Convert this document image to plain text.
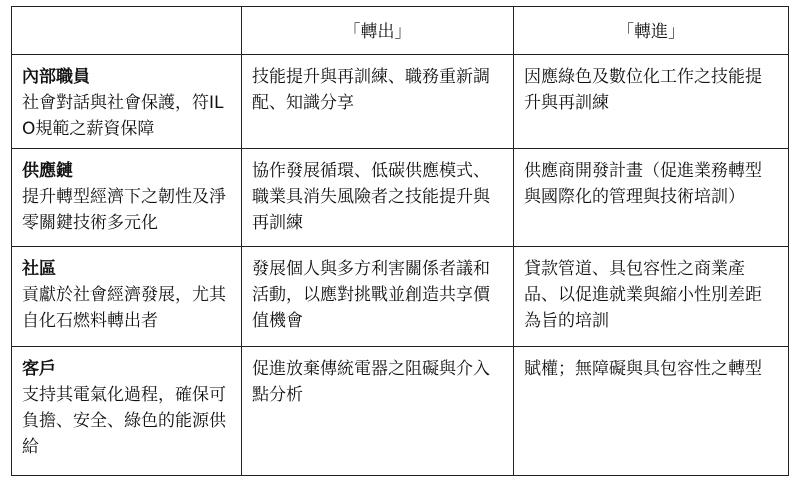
	「轉出」	「轉進」

內部職員
社會對話與社會保護，符ILO規範之薪資保障	技能提升與再訓練、職務重新調配、知識分享	因應綠色及數位化工作之技能提升與再訓練

供應鏈
提升轉型經濟下之韌性及淨零關鍵技術多元化	協作發展循環、低碳供應模式、職業具消失風險者之技能提升與再訓練	供應商開發計畫（促進業務轉型與國際化的管理與技術培訓）

社區
貢獻於社會經濟發展，尤其自化石燃料轉出者	發展個人與多方利害關係者議和活動，以應對挑戰並創造共享價值機會	貸款管道、具包容性之商業產品、以促進就業與縮小性別差距為旨的培訓

客戶
支持其電氣化過程，確保可負擔、安全、綠色的能源供給	促進放棄傳統電器之阻礙與介入點分析	賦權；無障礙與具包容性之轉型
